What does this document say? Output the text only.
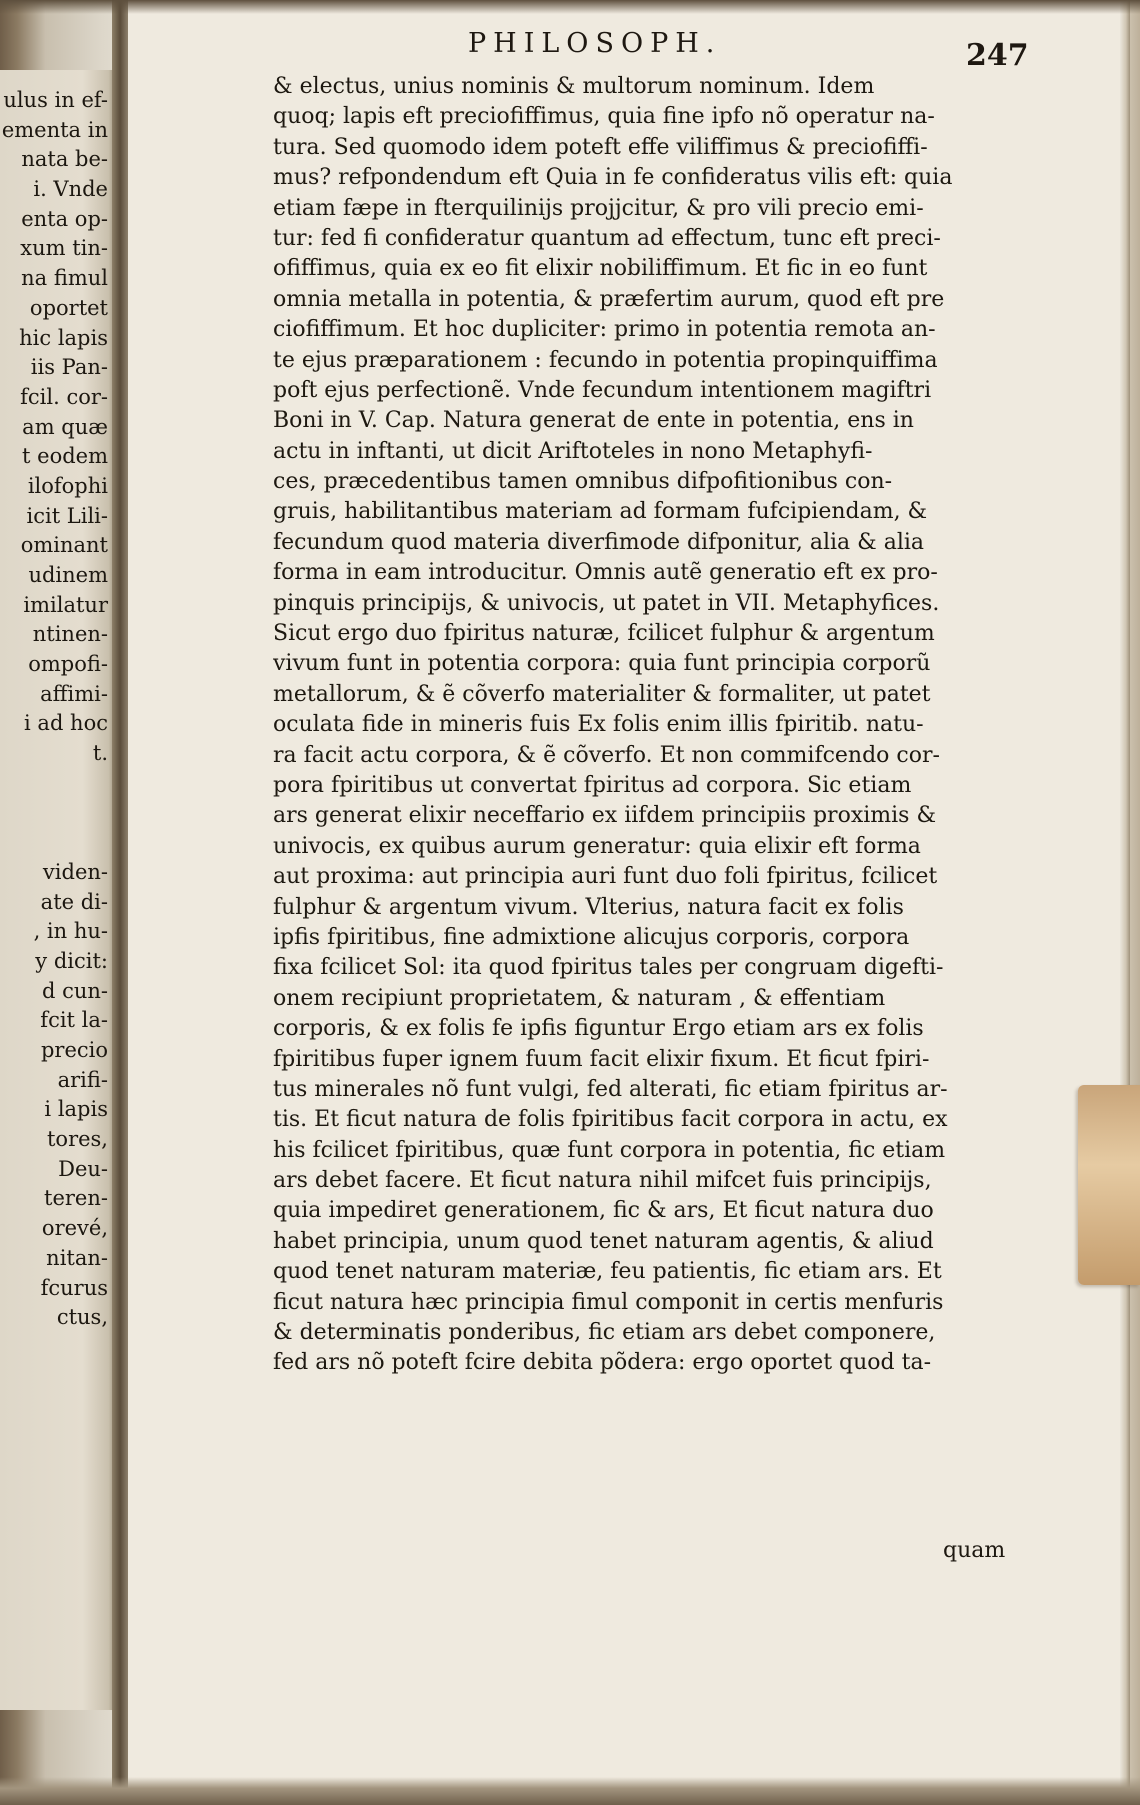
ulus in ef-
ementa in
nata be-
i. Vnde
enta op-
xum tin-
na fimul
oportet
hic lapis
iis Pan-
fcil. cor-
am quæ
t eodem
ilofophi
icit Lili-
ominant
udinem
imilatur
ntinen-
ompofi-
affimi-
i ad hoc
t.
viden-
ate di-
, in hu-
y dicit:
d cun-
fcit la-
precio
arifi-
i lapis
tores,
Deu-
teren-
orevé,
nitan-
fcurus
ctus,
PHILOSOPH.	247
& electus, unius nominis & multorum nominum. Idem
quoq; lapis eft preciofiffimus, quia fine ipfo nõ operatur na-
tura. Sed quomodo idem poteft effe viliffimus & preciofiffi-
mus? refpondendum eft Quia in fe confideratus vilis eft: quia
etiam fæpe in fterquilinijs projjcitur, & pro vili precio emi-
tur: fed fi confideratur quantum ad effectum, tunc eft preci-
ofiffimus, quia ex eo fit elixir nobiliffimum. Et fic in eo funt
omnia metalla in potentia, & præfertim aurum, quod eft pre
ciofiffimum. Et hoc dupliciter: primo in potentia remota an-
te ejus præparationem : fecundo in potentia propinquiffima
poft ejus perfectionẽ. Vnde fecundum intentionem magiftri
Boni in V. Cap. Natura generat de ente in potentia, ens in
actu in inftanti, ut dicit Ariftoteles in nono Metaphyfi-
ces, præcedentibus tamen omnibus difpofitionibus con-
gruis, habilitantibus materiam ad formam fufcipiendam, &
fecundum quod materia diverfimode difponitur, alia & alia
forma in eam introducitur. Omnis autẽ generatio eft ex pro-
pinquis principijs, & univocis, ut patet in VII. Metaphyfices.
Sicut ergo duo fpiritus naturæ, fcilicet fulphur & argentum
vivum funt in potentia corpora: quia funt principia corporũ
metallorum, & ẽ cõverfo materialiter & formaliter, ut patet
oculata fide in mineris fuis Ex folis enim illis fpiritib. natu-
ra facit actu corpora, & ẽ cõverfo. Et non commifcendo cor-
pora fpiritibus ut convertat fpiritus ad corpora. Sic etiam
ars generat elixir neceffario ex iifdem principiis proximis &
univocis, ex quibus aurum generatur: quia elixir eft forma
aut proxima: aut principia auri funt duo foli fpiritus, fcilicet
fulphur & argentum vivum. Vlterius, natura facit ex folis
ipfis fpiritibus, fine admixtione alicujus corporis, corpora
fixa fcilicet Sol: ita quod fpiritus tales per congruam digefti-
onem recipiunt proprietatem, & naturam , & effentiam
corporis, & ex folis fe ipfis figuntur Ergo etiam ars ex folis
fpiritibus fuper ignem fuum facit elixir fixum. Et ficut fpiri-
tus minerales nõ funt vulgi, fed alterati, fic etiam fpiritus ar-
tis. Et ficut natura de folis fpiritibus facit corpora in actu, ex
his fcilicet fpiritibus, quæ funt corpora in potentia, fic etiam
ars debet facere. Et ficut natura nihil mifcet fuis principijs,
quia impediret generationem, fic & ars, Et ficut natura duo
habet principia, unum quod tenet naturam agentis, & aliud
quod tenet naturam materiæ, feu patientis, fic etiam ars. Et
ficut natura hæc principia fimul componit in certis menfuris
& determinatis ponderibus, fic etiam ars debet componere,
fed ars nõ poteft fcire debita põdera: ergo oportet quod ta-
quam
